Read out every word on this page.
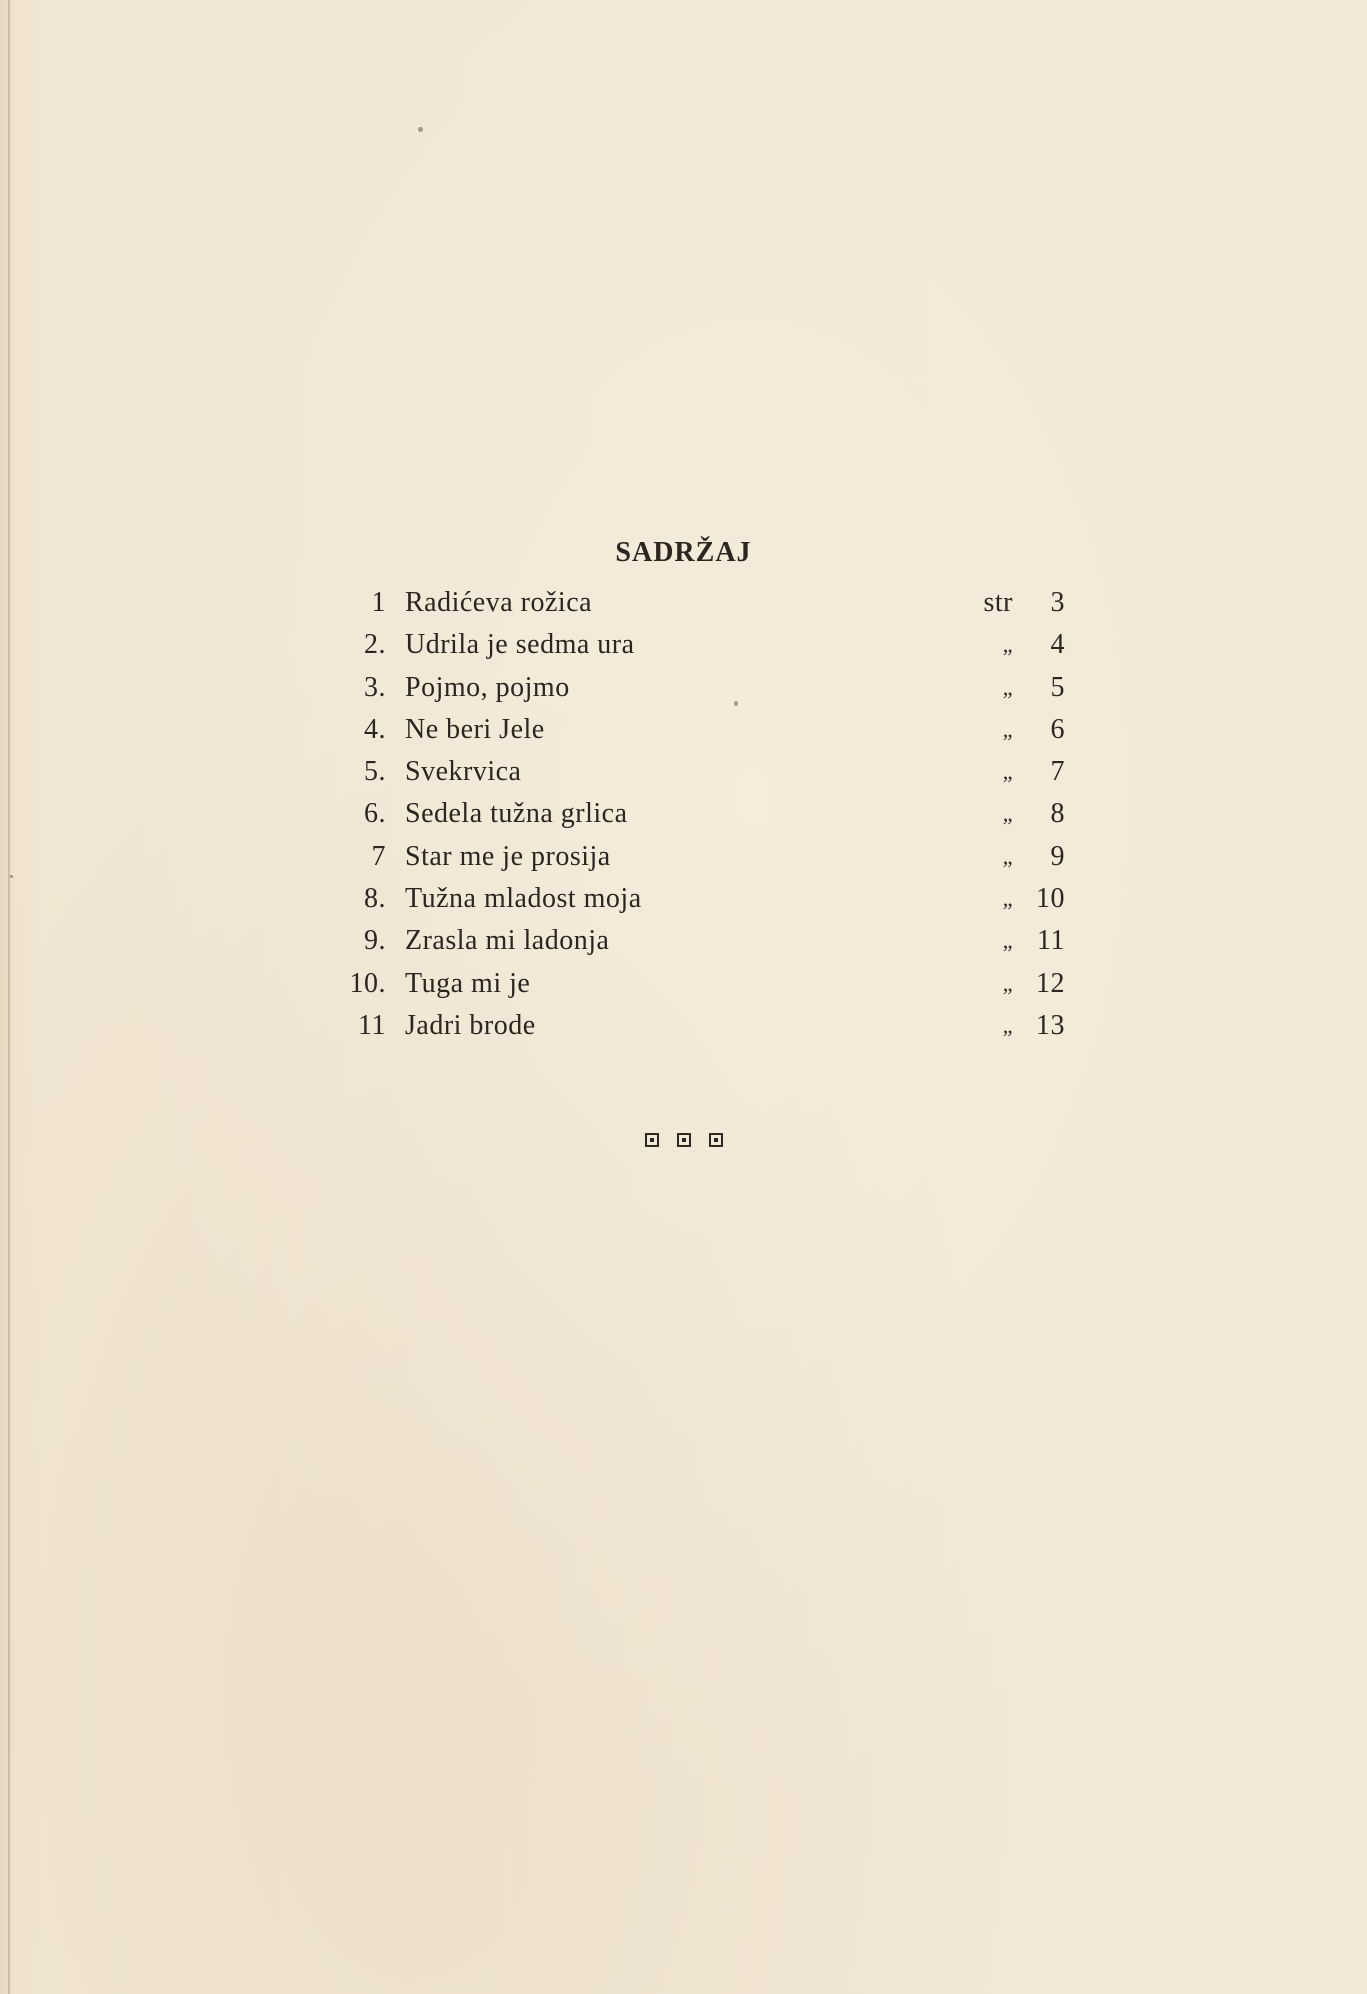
SADRŽAJ
1 Radićeva rožica	str	3
2. Udrila je sedma ura	„	4
3. Pojmo, pojmo	„	5
4. Ne beri Jele	„	6
5. Svekrvica	„	7
6. Sedela tužna grlica	„	8
7 Star me je prosija	„	9
8. Tužna mladost moja	„ 10
9. Zrasla mi ladonja	„ 11
10. Tuga mi je	„ 12
11 Jadri brode	„ 13
